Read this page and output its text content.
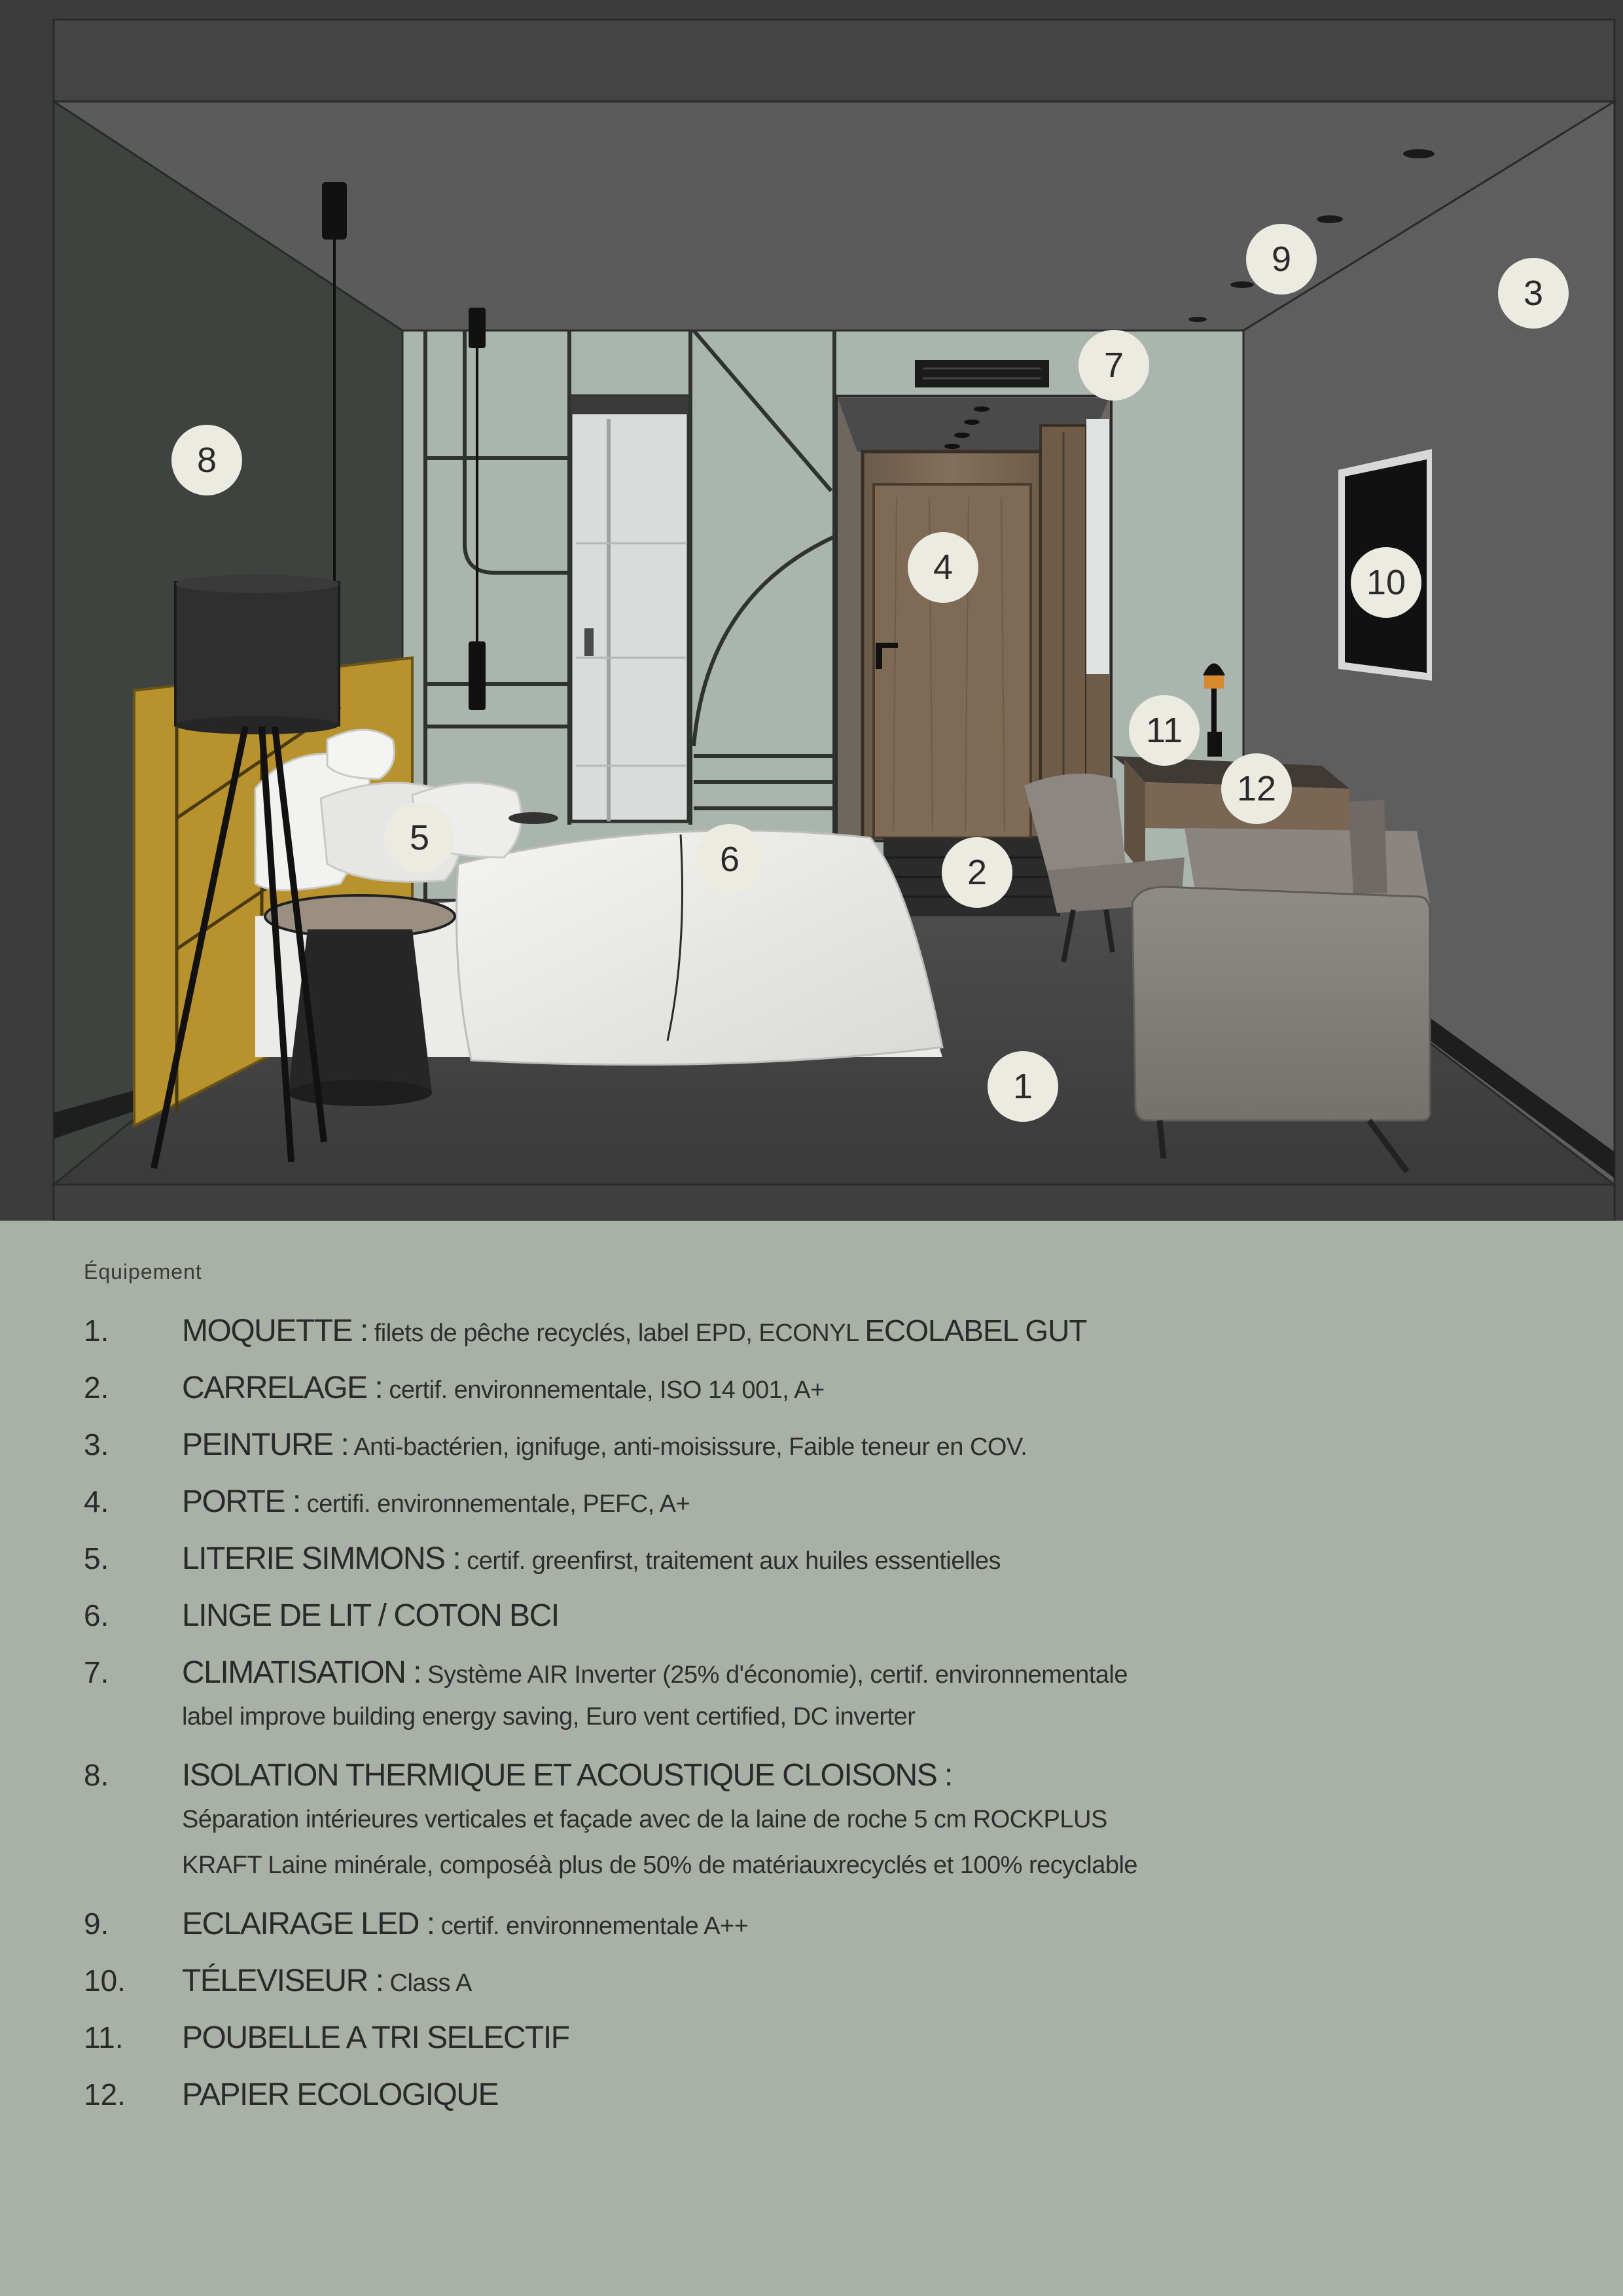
1
2
3
4
5
6
7
8
9
10
11
12
Équipement
1.	MOQUETTE : filets de pêche recyclés, label EPD, ECONYL ECOLABEL GUT
2.	CARRELAGE : certif. environnementale, ISO 14 001, A+
3.	PEINTURE : Anti-bactérien, ignifuge, anti-moisissure, Faible teneur en COV.
4.	PORTE : certifi. environnementale, PEFC, A+
5.	LITERIE SIMMONS : certif. greenfirst, traitement aux huiles essentielles
6.	LINGE DE LIT / COTON BCI
7.	CLIMATISATION : Système AIR Inverter (25% d'économie), certif. environnementale
label improve building energy saving, Euro vent certified, DC inverter
8.	ISOLATION THERMIQUE ET ACOUSTIQUE CLOISONS :
Séparation intérieures verticales et façade avec de la laine de roche 5 cm ROCKPLUS
KRAFT Laine minérale, composéà plus de 50% de matériauxrecyclés et 100% recyclable
9.	ECLAIRAGE LED : certif. environnementale A++
10.	TÉLEVISEUR : Class A
11.	POUBELLE A TRI SELECTIF
12.	PAPIER ECOLOGIQUE
